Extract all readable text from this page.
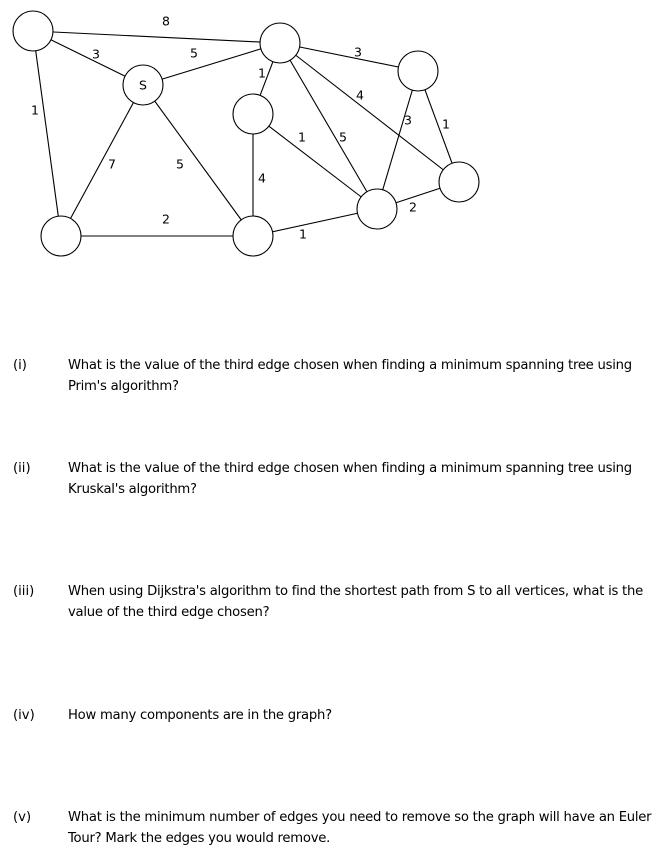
S
8
3
1
5
7	5
2
1
3
4
5
3 1
1
4
2
1
(i)	What is the value of the third edge chosen when finding a minimum spanning tree using Prim's algorithm?
(ii)	What is the value of the third edge chosen when finding a minimum spanning tree using Kruskal's algorithm?
(iii)	When using Dijkstra's algorithm to find the shortest path from S to all vertices, what is the value of the third edge chosen?
(iv)	How many components are in the graph?
(v)	What is the minimum number of edges you need to remove so the graph will have an Euler Tour? Mark the edges you would remove.
